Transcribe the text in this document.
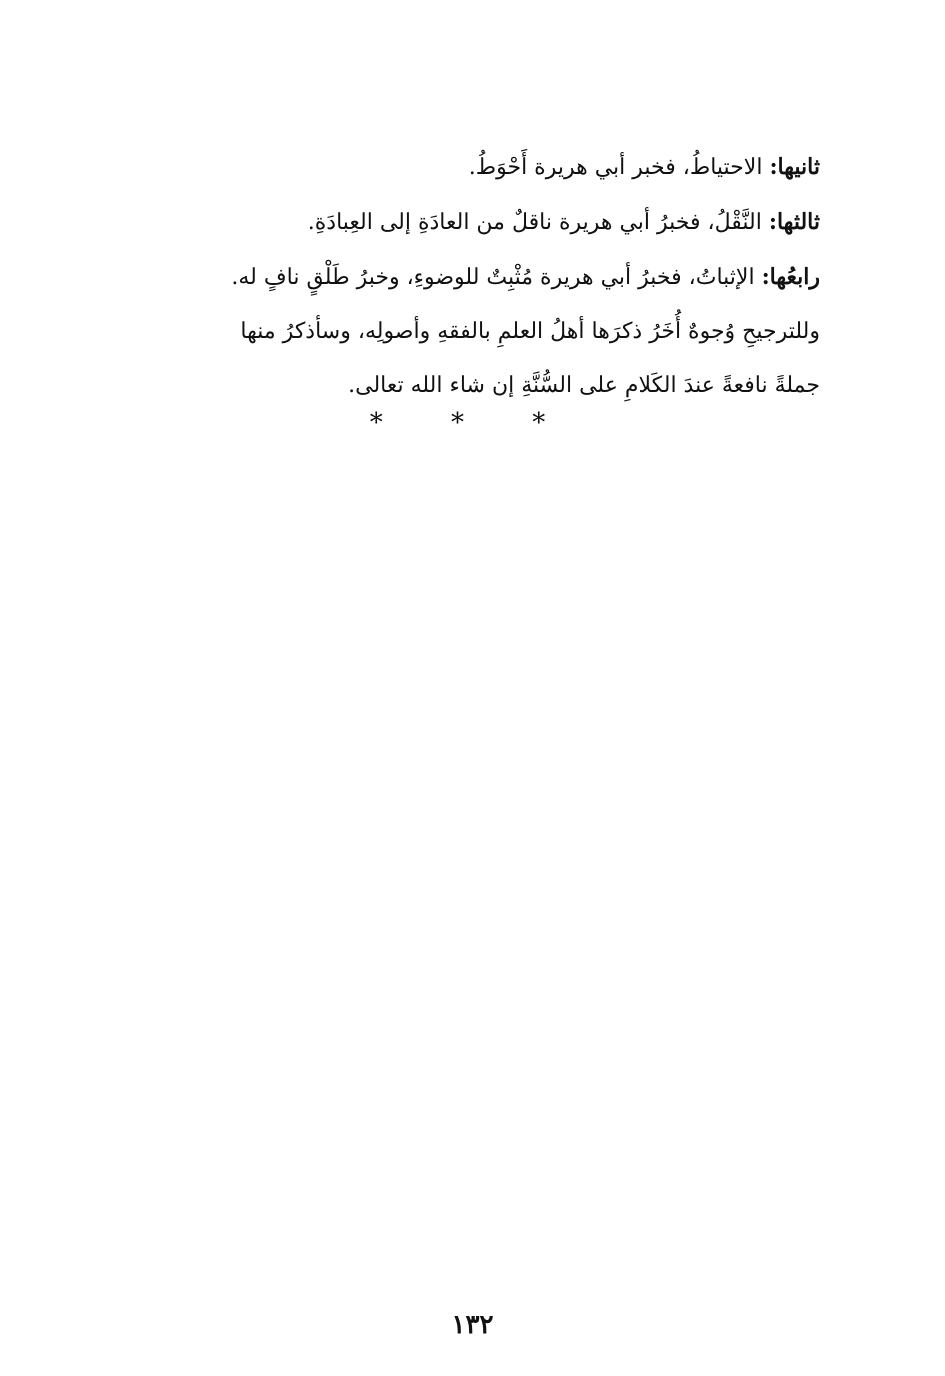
ثانيها: الاحتياطُ، فخبر أبي هريرة أَحْوَطُ.
ثالثها: النَّقْلُ، فخبرُ أبي هريرة ناقلٌ من العادَةِ إلى العِبادَةِ.
رابعُها: الإثباتُ، فخبرُ أبي هريرة مُثْبِتٌ للوضوءِ، وخبرُ طَلْقٍ نافٍ له.
وللترجيحِ وُجوهٌ أُخَرُ ذكرَها أهلُ العلمِ بالفقهِ وأصولِه، وسأذكرُ منها
جملةً نافعةً عندَ الكَلامِ على السُّنَّةِ إن شاء الله تعالى.
* * *
١٣٢
